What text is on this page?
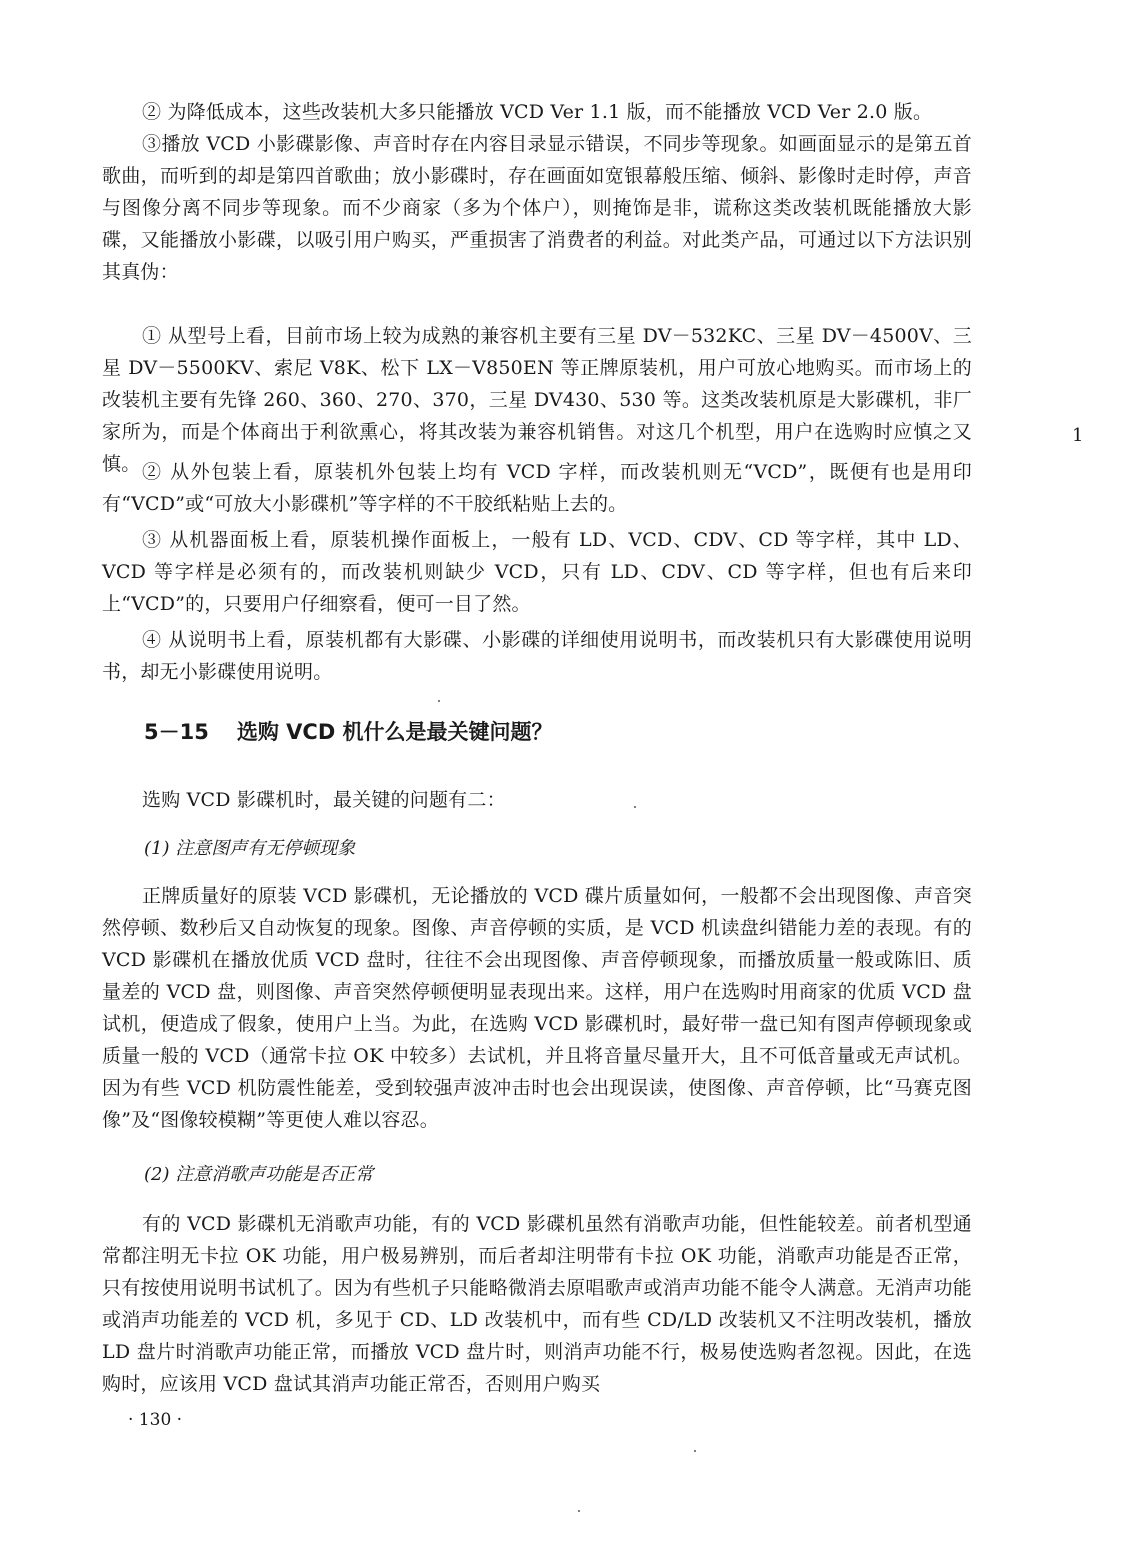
② 为降低成本，这些改装机大多只能播放 VCD Ver 1.1 版，而不能播放 VCD Ver 2.0 版。

③播放 VCD 小影碟影像、声音时存在内容目录显示错误，不同步等现象。如画面显示的是第五首歌曲，而听到的却是第四首歌曲；放小影碟时，存在画面如宽银幕般压缩、倾斜、影像时走时停，声音与图像分离不同步等现象。而不少商家（多为个体户），则掩饰是非，谎称这类改装机既能播放大影碟，又能播放小影碟，以吸引用户购买，严重损害了消费者的利益。对此类产品，可通过以下方法识别其真伪：

① 从型号上看，目前市场上较为成熟的兼容机主要有三星 DV－532KC、三星 DV－4500V、三星 DV－5500KV、索尼 V8K、松下 LX－V850EN 等正牌原装机，用户可放心地购买。而市场上的改装机主要有先锋 260、360、270、370，三星 DV430、530 等。这类改装机原是大影碟机，非厂家所为，而是个体商出于利欲熏心，将其改装为兼容机销售。对这几个机型，用户在选购时应慎之又慎。 ② 从外包装上看，原装机外包装上均有 VCD 字样，而改装机则无“VCD”，既便有也是用印有“VCD”或“可放大小影碟机”等字样的不干胶纸粘贴上去的。

③ 从机器面板上看，原装机操作面板上，一般有 LD、VCD、CDV、CD 等字样，其中 LD、VCD 等字样是必须有的，而改装机则缺少 VCD，只有 LD、CDV、CD 等字样，但也有后来印上“VCD”的，只要用户仔细察看，便可一目了然。

④ 从说明书上看，原装机都有大影碟、小影碟的详细使用说明书，而改装机只有大影碟使用说明书，却无小影碟使用说明。

1
5－15 选购 VCD 机什么是最关键问题？

选购 VCD 影碟机时，最关键的问题有二：

(1) 注意图声有无停顿现象

正牌质量好的原装 VCD 影碟机，无论播放的 VCD 碟片质量如何，一般都不会出现图像、声音突然停顿、数秒后又自动恢复的现象。图像、声音停顿的实质，是 VCD 机读盘纠错能力差的表现。有的 VCD 影碟机在播放优质 VCD 盘时，往往不会出现图像、声音停顿现象，而播放质量一般或陈旧、质量差的 VCD 盘，则图像、声音突然停顿便明显表现出来。这样，用户在选购时用商家的优质 VCD 盘试机，便造成了假象，使用户上当。为此，在选购 VCD 影碟机时，最好带一盘已知有图声停顿现象或质量一般的 VCD（通常卡拉 OK 中较多）去试机，并且将音量尽量开大，且不可低音量或无声试机。因为有些 VCD 机防震性能差，受到较强声波冲击时也会出现误读，使图像、声音停顿，比“马赛克图像”及“图像较模糊”等更使人难以容忍。

(2) 注意消歌声功能是否正常

有的 VCD 影碟机无消歌声功能，有的 VCD 影碟机虽然有消歌声功能，但性能较差。前者机型通常都注明无卡拉 OK 功能，用户极易辨别，而后者却注明带有卡拉 OK 功能，消歌声功能是否正常，只有按使用说明书试机了。因为有些机子只能略微消去原唱歌声或消声功能不能令人满意。无消声功能或消声功能差的 VCD 机，多见于 CD、LD 改装机中，而有些 CD/LD 改装机又不注明改装机，播放 LD 盘片时消歌声功能正常，而播放 VCD 盘片时，则消声功能不行，极易使选购者忽视。因此，在选购时，应该用 VCD 盘试其消声功能正常否，否则用户购买

· 130 ·
